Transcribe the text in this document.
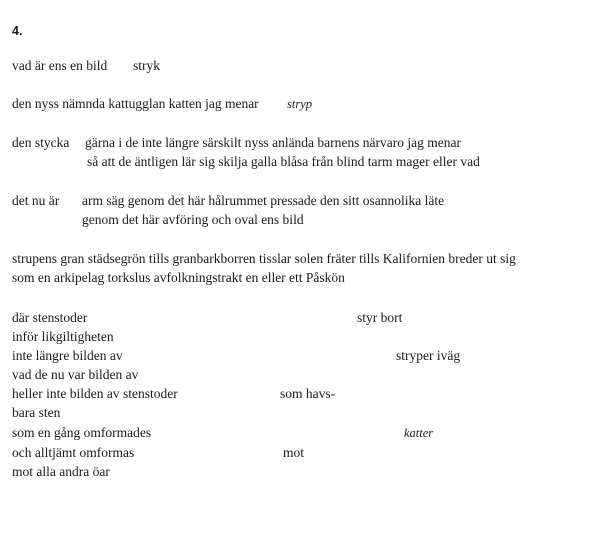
4.
vad är ens en bild stryk
den nyss nämnda kattugglan katten jag menar stryp
den stycka gärna i de inte längre särskilt nyss anlända barnens närvaro jag menar
så att de äntligen lär sig skilja galla blåsa från blind tarm mager eller vad
det nu är arm säg genom det här hålrummet pressade den sitt osannolika läte
genom det här avföring och oval ens bild
strupens gran städsegrön tills granbarkborren tisslar solen fräter tills Kalifornien breder ut sig
som en arkipelag torkslus avfolkningstrakt en eller ett Påskön
där stenstoder	styr bort
inför likgiltigheten
inte längre bilden av	stryper iväg
vad de nu var bilden av
heller inte bilden av stenstoder	som havs-
bara sten
som en gång omformades	katter
och alltjämt omformas	mot
mot alla andra öar
